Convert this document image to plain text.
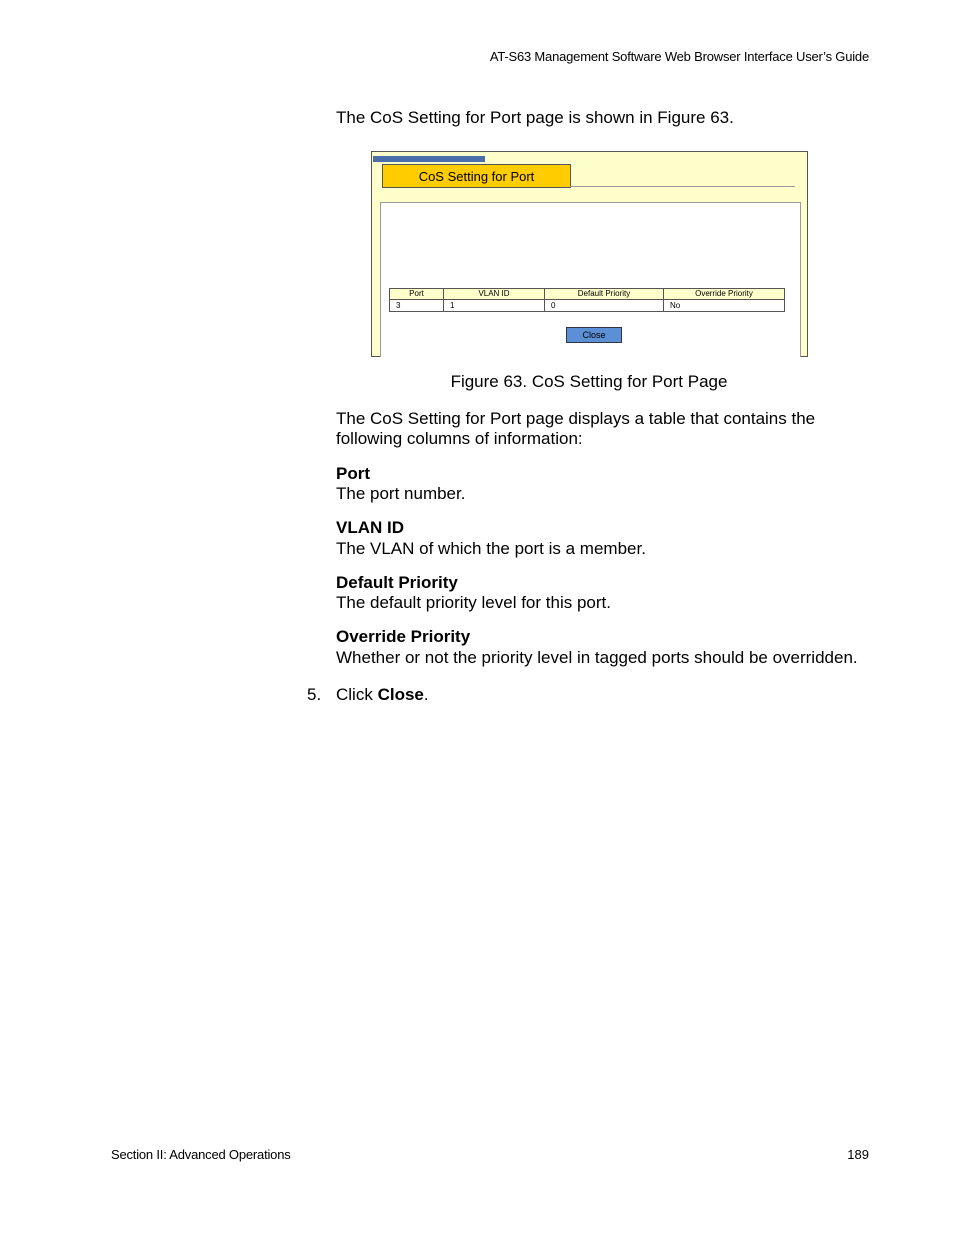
AT-S63 Management Software Web Browser Interface User’s Guide
The CoS Setting for Port page is shown in Figure 63.
CoS Setting for Port
Port	VLAN ID	Default Priority	Override Priority
3	1	0	No
Close
Figure 63. CoS Setting for Port Page
The CoS Setting for Port page displays a table that contains the
following columns of information:
Port
The port number.
VLAN ID
The VLAN of which the port is a member.
Default Priority
The default priority level for this port.
Override Priority
Whether or not the priority level in tagged ports should be overridden.
5. Click Close.
Section II: Advanced Operations	189
